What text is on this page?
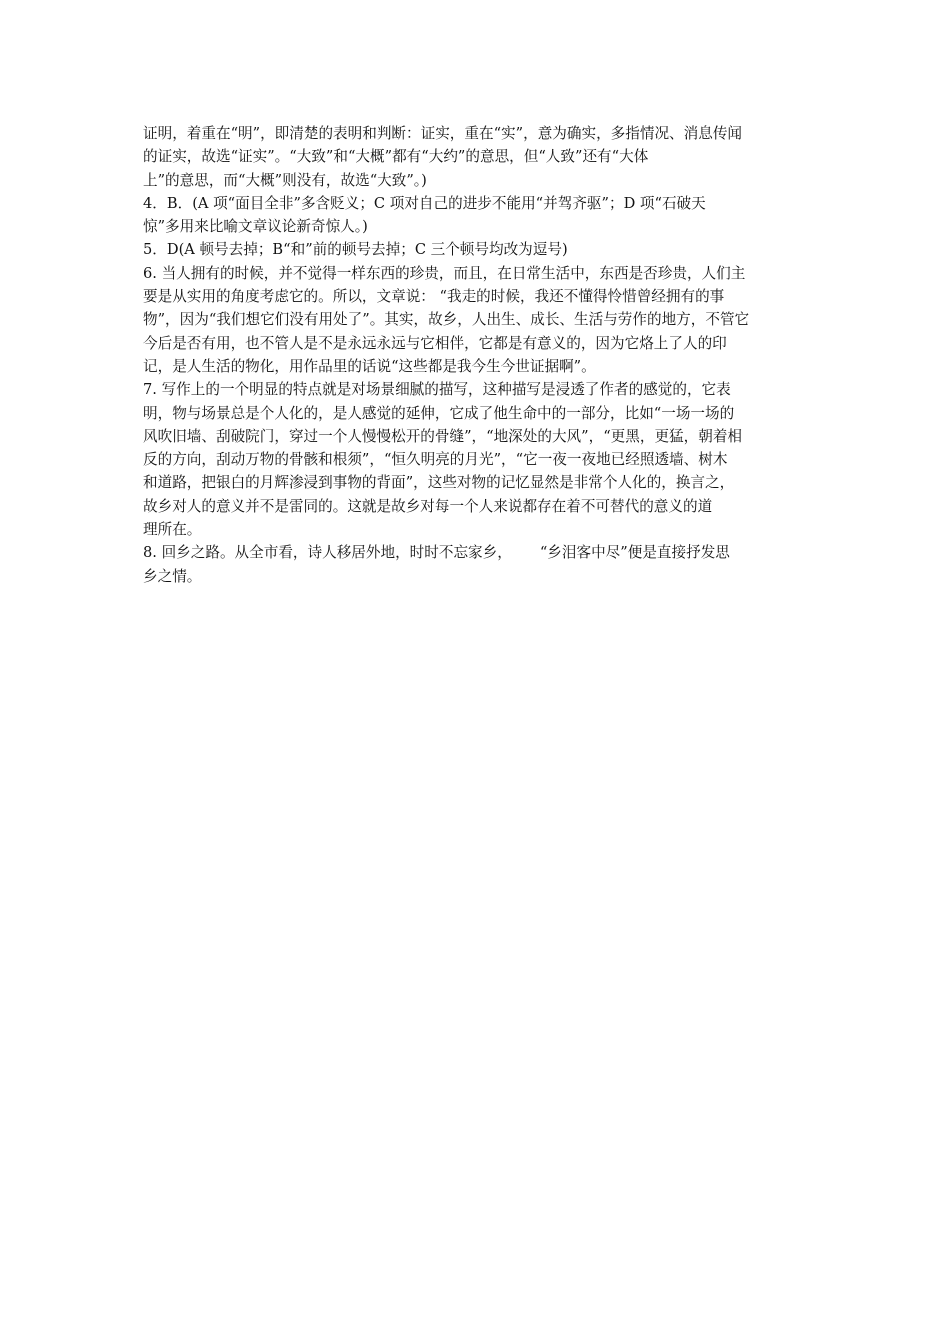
证明，着重在“明”，即清楚的表明和判断：证实，重在“实”，意为确实，多指情况、消息传闻
的证实，故选“证实”。“大致”和“大概”都有“大约”的意思，但“人致”还有“大体
上”的意思，而“大概”则没有，故选“大致”。)
4．B．(A 项“面目全非”多含贬义；C 项对自己的进步不能用“并驾齐驱”；D 项“石破天
惊”多用来比喻文章议论新奇惊人。)
5．D(A 顿号去掉；B“和”前的顿号去掉；C 三个顿号均改为逗号)
6. 当人拥有的时候，并不觉得一样东西的珍贵，而且，在日常生活中，东西是否珍贵，人们主
要是从实用的角度考虑它的。所以，文章说： “我走的时候，我还不懂得怜惜曾经拥有的事
物”，因为“我们想它们没有用处了”。其实，故乡，人出生、成长、生活与劳作的地方，不管它
今后是否有用，也不管人是不是永远永远与它相伴，它都是有意义的，因为它烙上了人的印
记，是人生活的物化，用作品里的话说“这些都是我今生今世证据啊”。
7. 写作上的一个明显的特点就是对场景细腻的描写，这种描写是浸透了作者的感觉的，它表
明，物与场景总是个人化的，是人感觉的延伸，它成了他生命中的一部分，比如“一场一场的
风吹旧墙、刮破院门，穿过一个人慢慢松开的骨缝”，“地深处的大风”，“更黑，更猛，朝着相
反的方向，刮动万物的骨骸和根须”，“恒久明亮的月光”，“它一夜一夜地已经照透墙、树木
和道路，把银白的月辉渗浸到事物的背面”，这些对物的记忆显然是非常个人化的，换言之，
故乡对人的意义并不是雷同的。这就是故乡对每一个人来说都存在着不可替代的意义的道
理所在。
8. 回乡之路。从全市看，诗人移居外地，时时不忘家乡， “乡泪客中尽”便是直接抒发思
乡之情。
